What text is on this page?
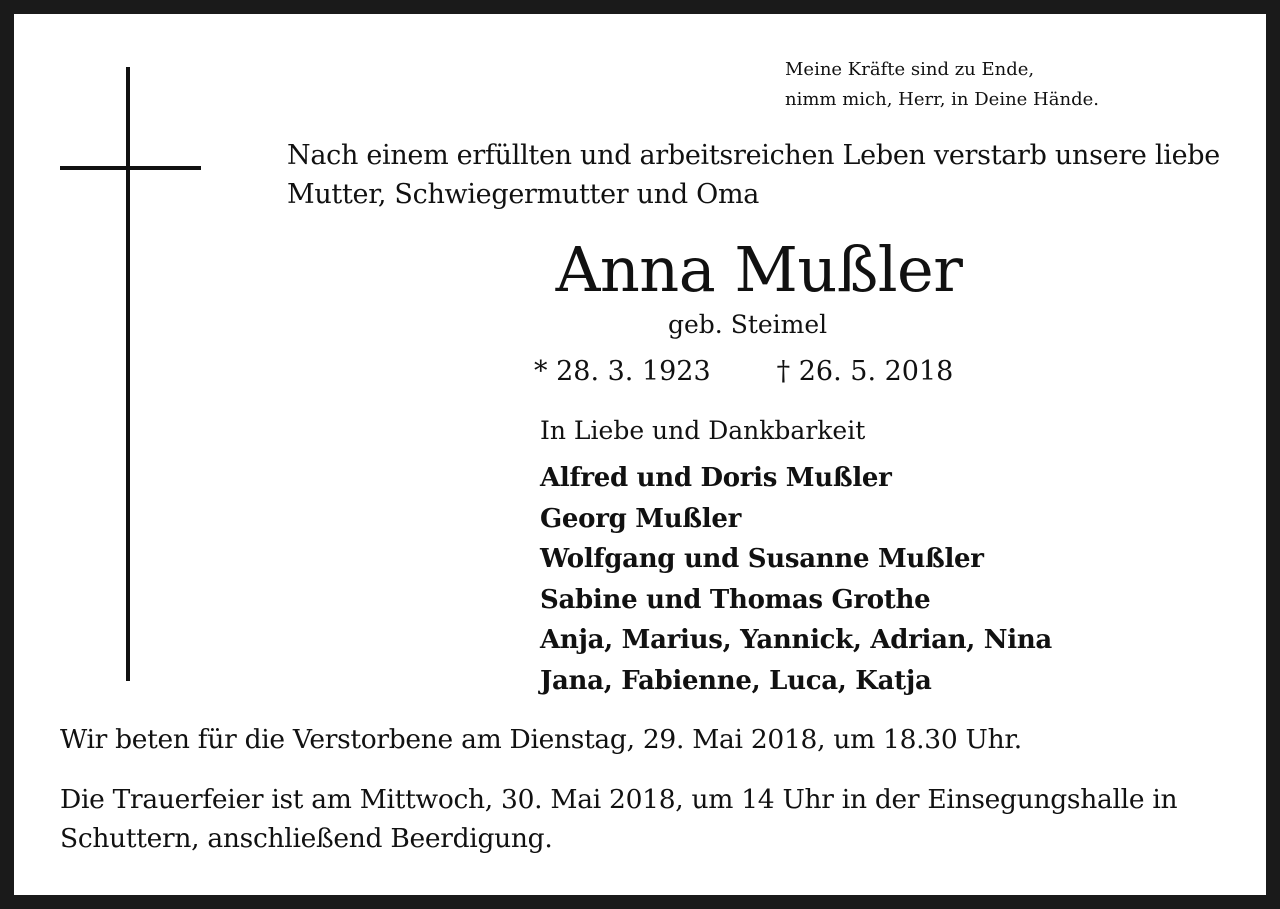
Meine Kräfte sind zu Ende,
nimm mich, Herr, in Deine Hände.
Nach einem erfüllten und arbeitsreichen Leben verstarb unsere liebe
Mutter, Schwiegermutter und Oma
Anna Mußler
geb. Steimel
* 28. 3. 1923 † 26. 5. 2018
In Liebe und Dankbarkeit
Alfred und Doris Mußler
Georg Mußler
Wolfgang und Susanne Mußler
Sabine und Thomas Grothe
Anja, Marius, Yannick, Adrian, Nina
Jana, Fabienne, Luca, Katja
Wir beten für die Verstorbene am Dienstag, 29. Mai 2018, um 18.30 Uhr.
Die Trauerfeier ist am Mittwoch, 30. Mai 2018, um 14 Uhr in der Einsegungshalle in
Schuttern, anschließend Beerdigung.
